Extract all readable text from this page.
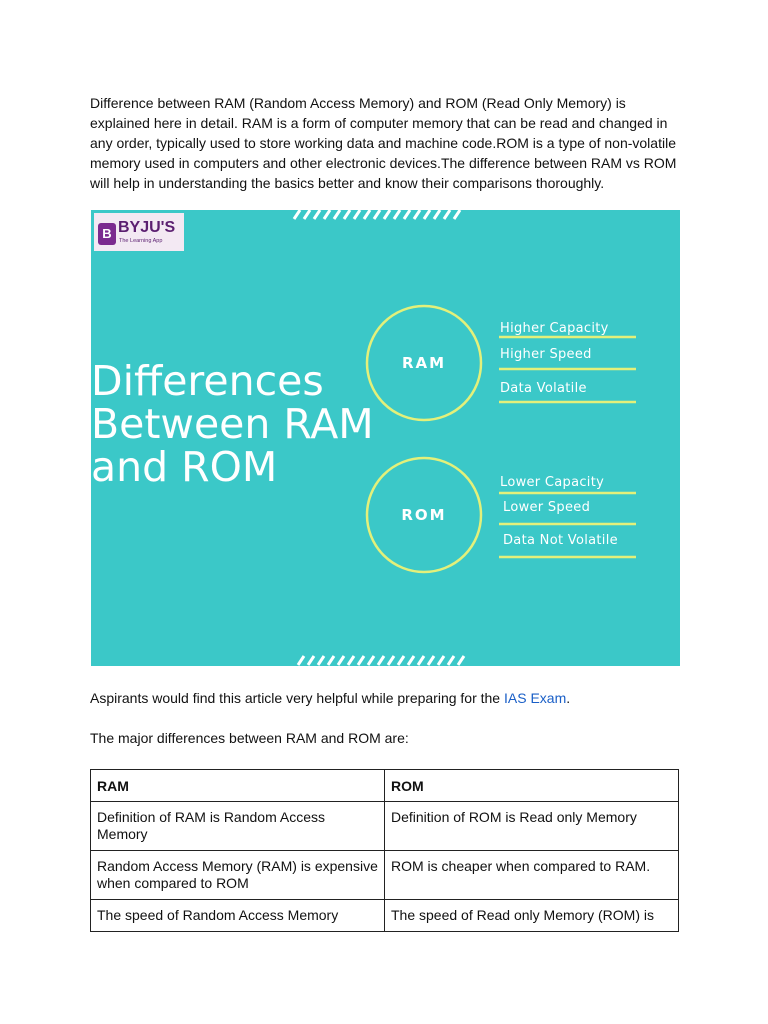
Difference between RAM (Random Access Memory) and ROM (Read Only Memory) is explained here in detail. RAM is a form of computer memory that can be read and changed in any order, typically used to store working data and machine code.ROM is a type of non-volatile memory used in computers and other electronic devices.The difference between RAM vs ROM will help in understanding the basics better and know their comparisons thoroughly.

B BYJU'S
The Learning App
Differences
Between RAM
and ROM
RAM
ROM
Higher Capacity
Higher Speed
Data Volatile
Lower Capacity
Lower Speed
Data Not Volatile

Aspirants would find this article very helpful while preparing for the IAS Exam.

The major differences between RAM and ROM are:

RAM	ROM
Definition of RAM is Random Access Memory	Definition of ROM is Read only Memory
Random Access Memory (RAM) is expensive when compared to ROM	ROM is cheaper when compared to RAM.
The speed of Random Access Memory	The speed of Read only Memory (ROM) is
